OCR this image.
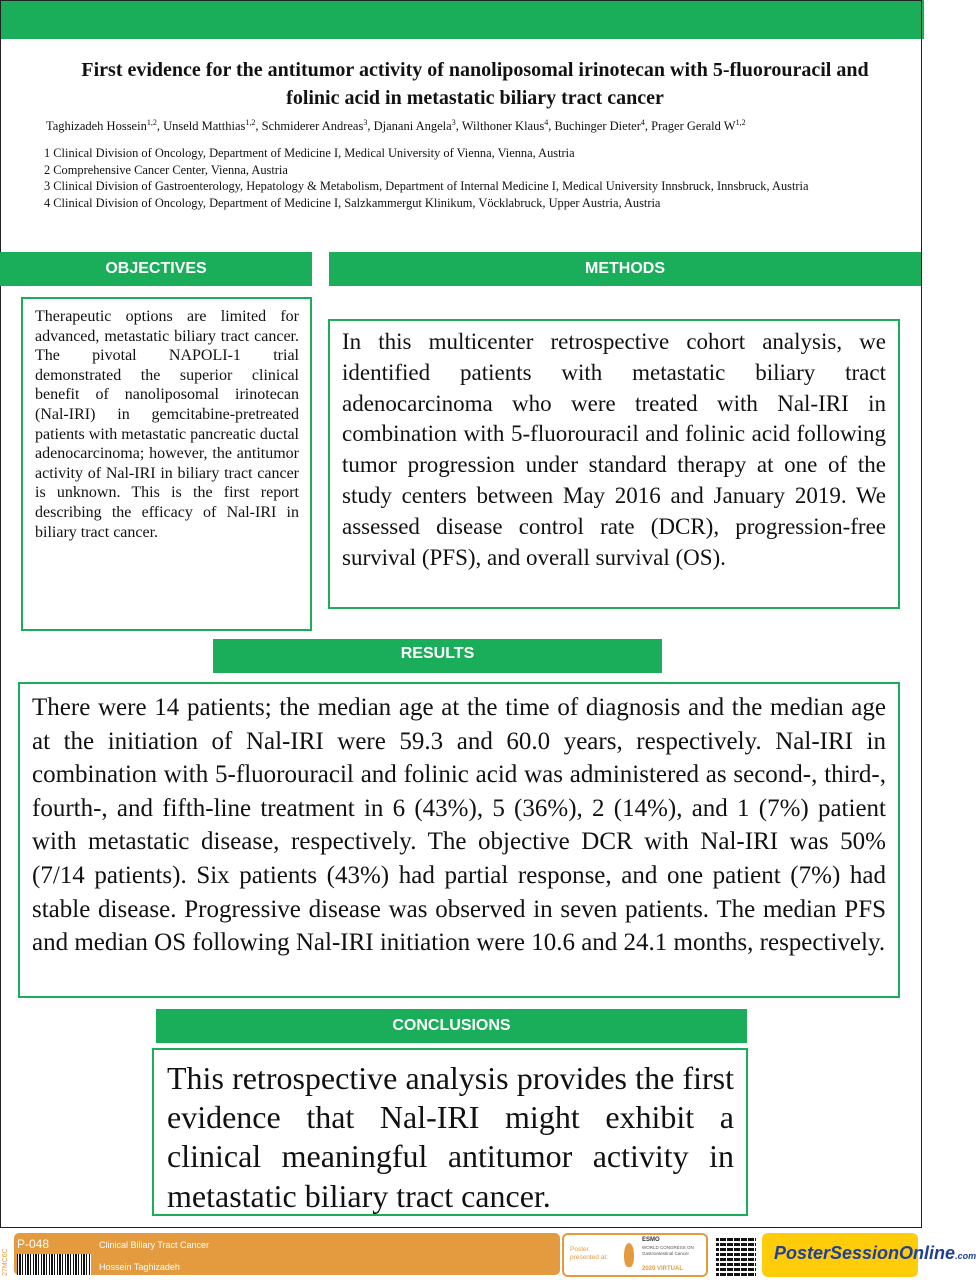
First evidence for the antitumor activity of nanoliposomal irinotecan with 5-fluorouracil and folinic acid in metastatic biliary tract cancer
Taghizadeh Hossein$^{1,2}$, Unseld Matthias$^{1,2}$, Schmiderer Andreas$^3$, Djanani Angela$^3$, Wilthoner Klaus$^4$, Buchinger Dieter$^4$, Prager Gerald W$^{1,2}$
1 Clinical Division of Oncology, Department of Medicine I, Medical University of Vienna, Vienna, Austria
2 Comprehensive Cancer Center, Vienna, Austria
3 Clinical Division of Gastroenterology, Hepatology & Metabolism, Department of Internal Medicine I, Medical University Innsbruck, Innsbruck, Austria
4 Clinical Division of Oncology, Department of Medicine I, Salzkammergut Klinikum, Vöcklabruck, Upper Austria, Austria
OBJECTIVES
Therapeutic options are limited for advanced, metastatic biliary tract cancer. The pivotal NAPOLI-1 trial demonstrated the superior clinical benefit of nanoliposomal irinotecan (Nal-IRI) in gemcitabine-pretreated patients with metastatic pancreatic ductal adenocarcinoma; however, the antitumor activity of Nal-IRI in biliary tract cancer is unknown. This is the first report describing the efficacy of Nal-IRI in biliary tract cancer.
METHODS
In this multicenter retrospective cohort analysis, we identified patients with metastatic biliary tract adenocarcinoma who were treated with Nal-IRI in combination with 5-fluorouracil and folinic acid following tumor progression under standard therapy at one of the study centers between May 2016 and January 2019. We assessed disease control rate (DCR), progression-free survival (PFS), and overall survival (OS).
RESULTS
There were 14 patients; the median age at the time of diagnosis and the median age at the initiation of Nal-IRI were 59.3 and 60.0 years, respectively. Nal-IRI in combination with 5-fluorouracil and folinic acid was administered as second-, third-, fourth-, and fifth-line treatment in 6 (43%), 5 (36%), 2 (14%), and 1 (7%) patient with metastatic disease, respectively. The objective DCR with Nal-IRI was 50% (7/14 patients). Six patients (43%) had partial response, and one patient (7%) had stable disease. Progressive disease was observed in seven patients. The median PFS and median OS following Nal-IRI initiation were 10.6 and 24.1 months, respectively.
CONCLUSIONS
This retrospective analysis provides the first evidence that Nal-IRI might exhibit a clinical meaningful antitumor activity in metastatic biliary tract cancer.
27MC6C
P-048	Clinical Biliary Tract Cancer
Hossein Taghizadeh
Poster presented at:
ESMO
WORLD CONGRESS ON Gastrointestinal Cancer
2020 VIRTUAL
PosterSessionOnline.com
